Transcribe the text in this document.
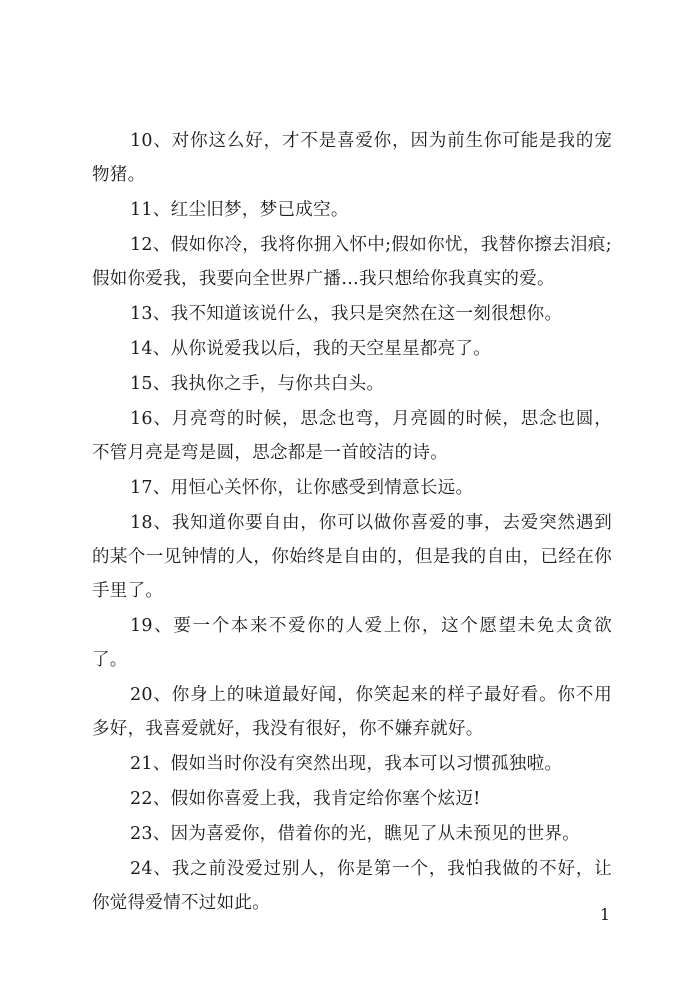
10、对你这么好，才不是喜爱你，因为前生你可能是我的宠物猪。

11、红尘旧梦，梦已成空。

12、假如你冷，我将你拥入怀中;假如你忧，我替你擦去泪痕;假如你爱我，我要向全世界广播…我只想给你我真实的爱。

13、我不知道该说什么，我只是突然在这一刻很想你。

14、从你说爱我以后，我的天空星星都亮了。

15、我执你之手，与你共白头。

16、月亮弯的时候，思念也弯，月亮圆的时候，思念也圆，不管月亮是弯是圆，思念都是一首皎洁的诗。

17、用恒心关怀你，让你感受到情意长远。

18、我知道你要自由，你可以做你喜爱的事，去爱突然遇到的某个一见钟情的人，你始终是自由的，但是我的自由，已经在你手里了。

19、要一个本来不爱你的人爱上你，这个愿望未免太贪欲了。

20、你身上的味道最好闻，你笑起来的样子最好看。你不用多好，我喜爱就好，我没有很好，你不嫌弃就好。

21、假如当时你没有突然出现，我本可以习惯孤独啦。

22、假如你喜爱上我，我肯定给你塞个炫迈!

23、因为喜爱你，借着你的光，瞧见了从未预见的世界。

24、我之前没爱过别人，你是第一个，我怕我做的不好，让你觉得爱情不过如此。

1
